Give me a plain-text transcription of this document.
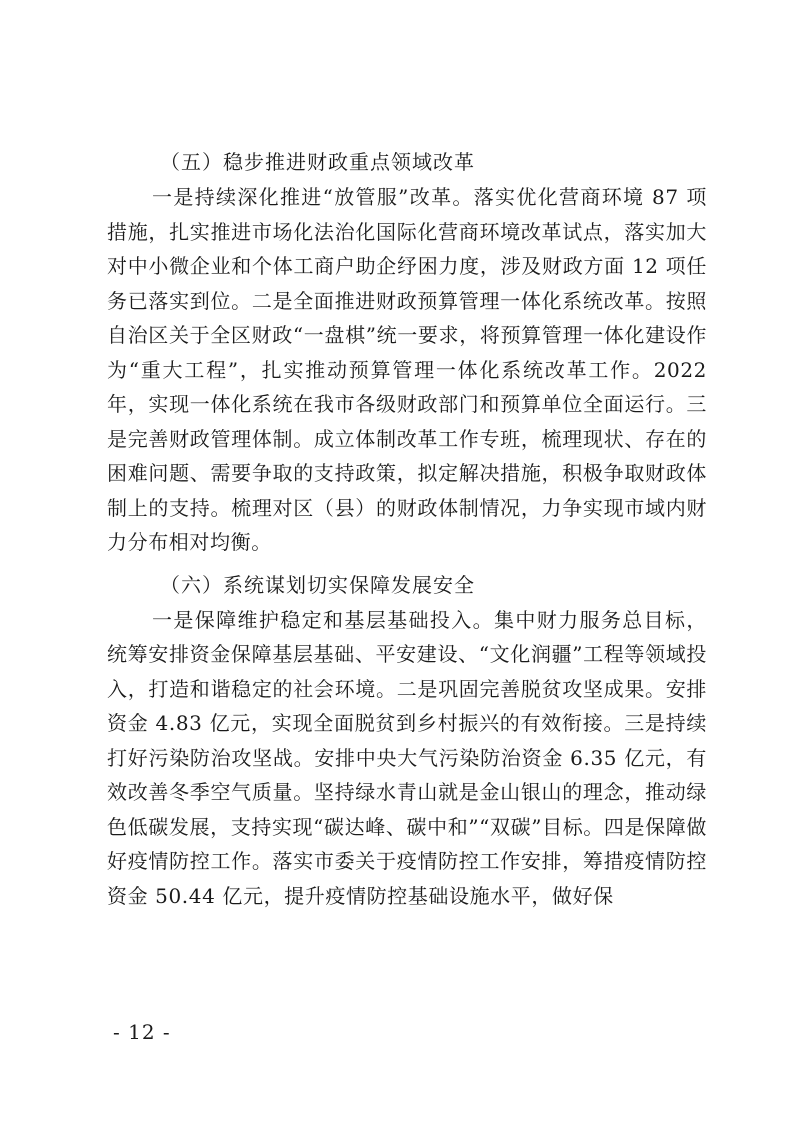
（五）稳步推进财政重点领域改革

一是持续深化推进“放管服”改革。落实优化营商环境 87 项措施，扎实推进市场化法治化国际化营商环境改革试点，落实加大对中小微企业和个体工商户助企纾困力度，涉及财政方面 12 项任务已落实到位。二是全面推进财政预算管理一体化系统改革。按照自治区关于全区财政“一盘棋”统一要求，将预算管理一体化建设作为“重大工程”，扎实推动预算管理一体化系统改革工作。2022 年，实现一体化系统在我市各级财政部门和预算单位全面运行。三是完善财政管理体制。成立体制改革工作专班，梳理现状、存在的困难问题、需要争取的支持政策，拟定解决措施，积极争取财政体制上的支持。梳理对区（县）的财政体制情况，力争实现市域内财力分布相对均衡。

（六）系统谋划切实保障发展安全

一是保障维护稳定和基层基础投入。集中财力服务总目标，统筹安排资金保障基层基础、平安建设、“文化润疆”工程等领域投入，打造和谐稳定的社会环境。二是巩固完善脱贫攻坚成果。安排资金 4.83 亿元，实现全面脱贫到乡村振兴的有效衔接。三是持续打好污染防治攻坚战。安排中央大气污染防治资金 6.35 亿元，有效改善冬季空气质量。坚持绿水青山就是金山银山的理念，推动绿色低碳发展，支持实现“碳达峰、碳中和”“双碳”目标。四是保障做好疫情防控工作。落实市委关于疫情防控工作安排，筹措疫情防控资金 50.44 亿元，提升疫情防控基础设施水平，做好保

- 12 -
